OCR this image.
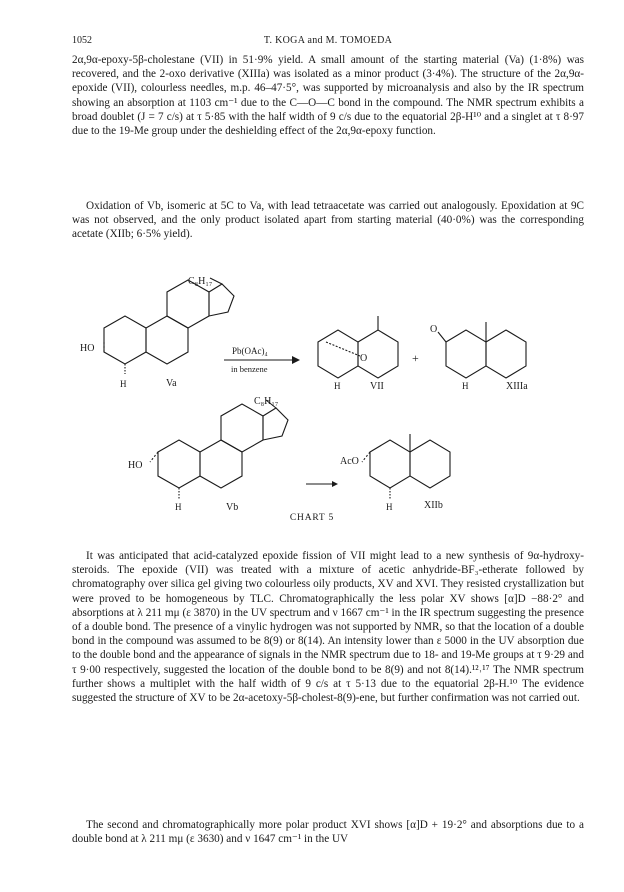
1052	T. KOGA and M. TOMOEDA

2α,9α-epoxy-5β-cholestane (VII) in 51·9% yield. A small amount of the starting material (Va) (1·8%) was recovered, and the 2-oxo derivative (XIIIa) was isolated as a minor product (3·4%). The structure of the 2α,9α-epoxide (VII), colourless needles, m.p. 46–47·5°, was supported by microanalysis and also by the IR spectrum showing an absorption at 1103 cm⁻¹ due to the C—O—C bond in the compound. The NMR spectrum exhibits a broad doublet (J = 7 c/s) at τ 5·85 with the half width of 9 c/s due to the equatorial 2β-H¹⁰ and a singlet at τ 8·97 due to the 19-Me group under the deshielding effect of the 2α,9α-epoxy function.

Oxidation of Vb, isomeric at 5C to Va, with lead tetraacetate was carried out analogously. Epoxidation at 9C was not observed, and the only product isolated apart from starting material (40·0%) was the corresponding acetate (XIIb; 6·5% yield).

C₈H₁₇
HO
H	Va
Pb(OAc)₄
in benzene
O
H	VII
+
O
H	XIIIa
C₈H₁₇
HO
H	Vb
AcO
H	XIIb
CHART 5

It was anticipated that acid-catalyzed epoxide fission of VII might lead to a new synthesis of 9α-hydroxy-steroids. The epoxide (VII) was treated with a mixture of acetic anhydride-BF₃-etherate followed by chromatography over silica gel giving two colourless oily products, XV and XVI. They resisted crystallization but were proved to be homogeneous by TLC. Chromatographically the less polar XV shows [α]D −88·2° and absorptions at λ 211 mμ (ε 3870) in the UV spectrum and ν 1667 cm⁻¹ in the IR spectrum suggesting the presence of a double bond. The presence of a vinylic hydrogen was not supported by NMR, so that the location of a double bond in the compound was assumed to be 8(9) or 8(14). An intensity lower than ε 5000 in the UV absorption due to the double bond and the appearance of signals in the NMR spectrum due to 18- and 19-Me groups at τ 9·29 and τ 9·00 respectively, suggested the location of the double bond to be 8(9) and not 8(14).¹²˒¹⁷ The NMR spectrum further shows a multiplet with the half width of 9 c/s at τ 5·13 due to the equatorial 2β-H.¹⁰ The evidence suggested the structure of XV to be 2α-acetoxy-5β-cholest-8(9)-ene, but further confirmation was not carried out.

The second and chromatographically more polar product XVI shows [α]D + 19·2° and absorptions due to a double bond at λ 211 mμ (ε 3630) and ν 1647 cm⁻¹ in the UV
